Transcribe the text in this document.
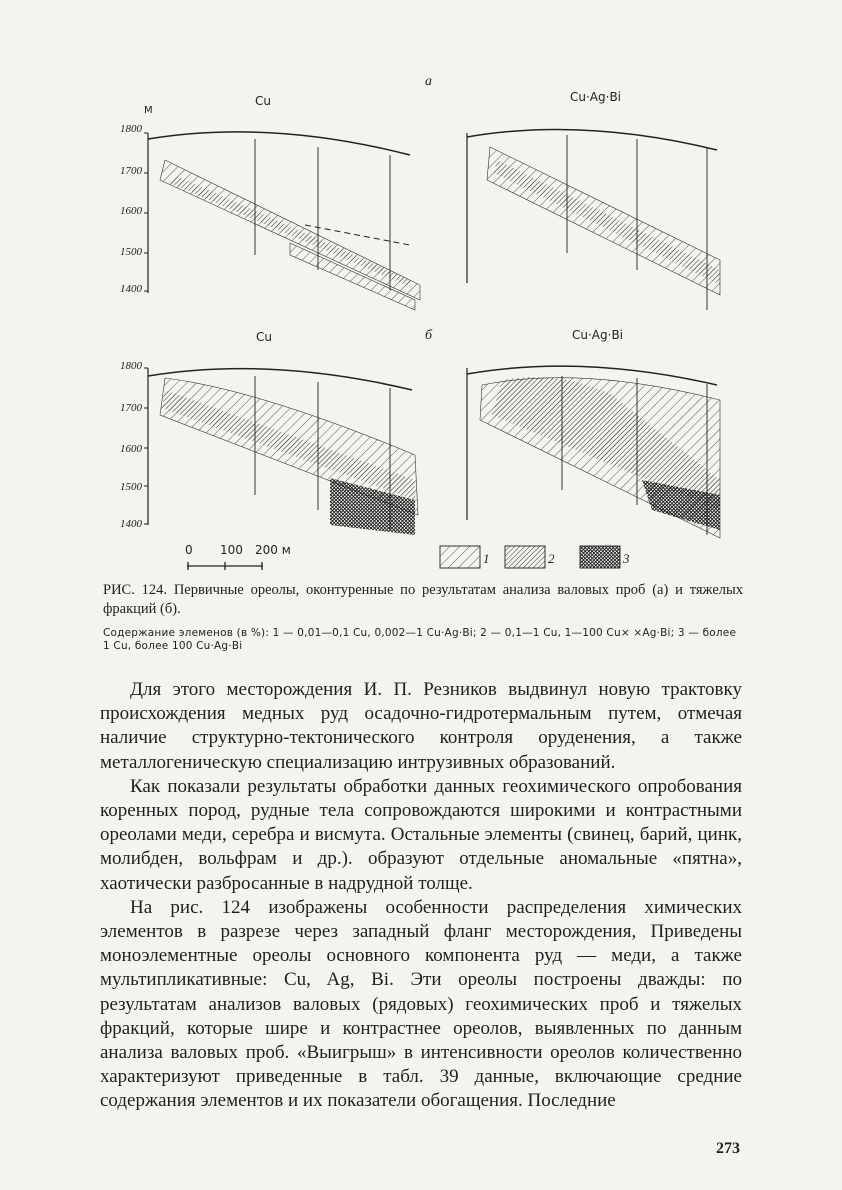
а
М
Cu	Cu·Ag·Bi
1800
1700
1600
1500
1400
б
Cu	Cu·Ag·Bi
1800
1700
1600
1500
1400
0 100 200 м
1	2	3
РИС. 124. Первичные ореолы, оконтуренные по результатам анализа валовых проб (а) и тяжелых фракций (б).
Содержание элеменов (в %): 1 — 0,01—0,1 Cu, 0,002—1 Cu·Ag·Bi; 2 — 0,1—1 Cu, 1—100 Cu× ×Ag·Bi; 3 — более 1 Cu, более 100 Cu·Ag·Bi

Для этого месторождения И. П. Резников выдвинул новую трактовку происхождения медных руд осадочно-гидротермальным путем, отмечая наличие структурно-тектонического контроля оруденения, а также металлогеническую специализацию интрузивных образований.

Как показали результаты обработки данных геохимического опробования коренных пород, рудные тела сопровождаются широкими и контрастными ореолами меди, серебра и висмута. Остальные элементы (свинец, барий, цинк, молибден, вольфрам и др.). образуют отдельные аномальные «пятна», хаотически разбросанные в надрудной толще.

На рис. 124 изображены особенности распределения химических элементов в разрезе через западный фланг месторождения, Приведены моноэлементные ореолы основного компонента руд — меди, а также мультипликативные: Cu, Ag, Bi. Эти ореолы построены дважды: по результатам анализов валовых (рядовых) геохимических проб и тяжелых фракций, которые шире и контрастнее ореолов, выявленных по данным анализа валовых проб. «Выигрыш» в интенсивности ореолов количественно характеризуют приведенные в табл. 39 данные, включающие средние содержания элементов и их показатели обогащения. Последние

273
